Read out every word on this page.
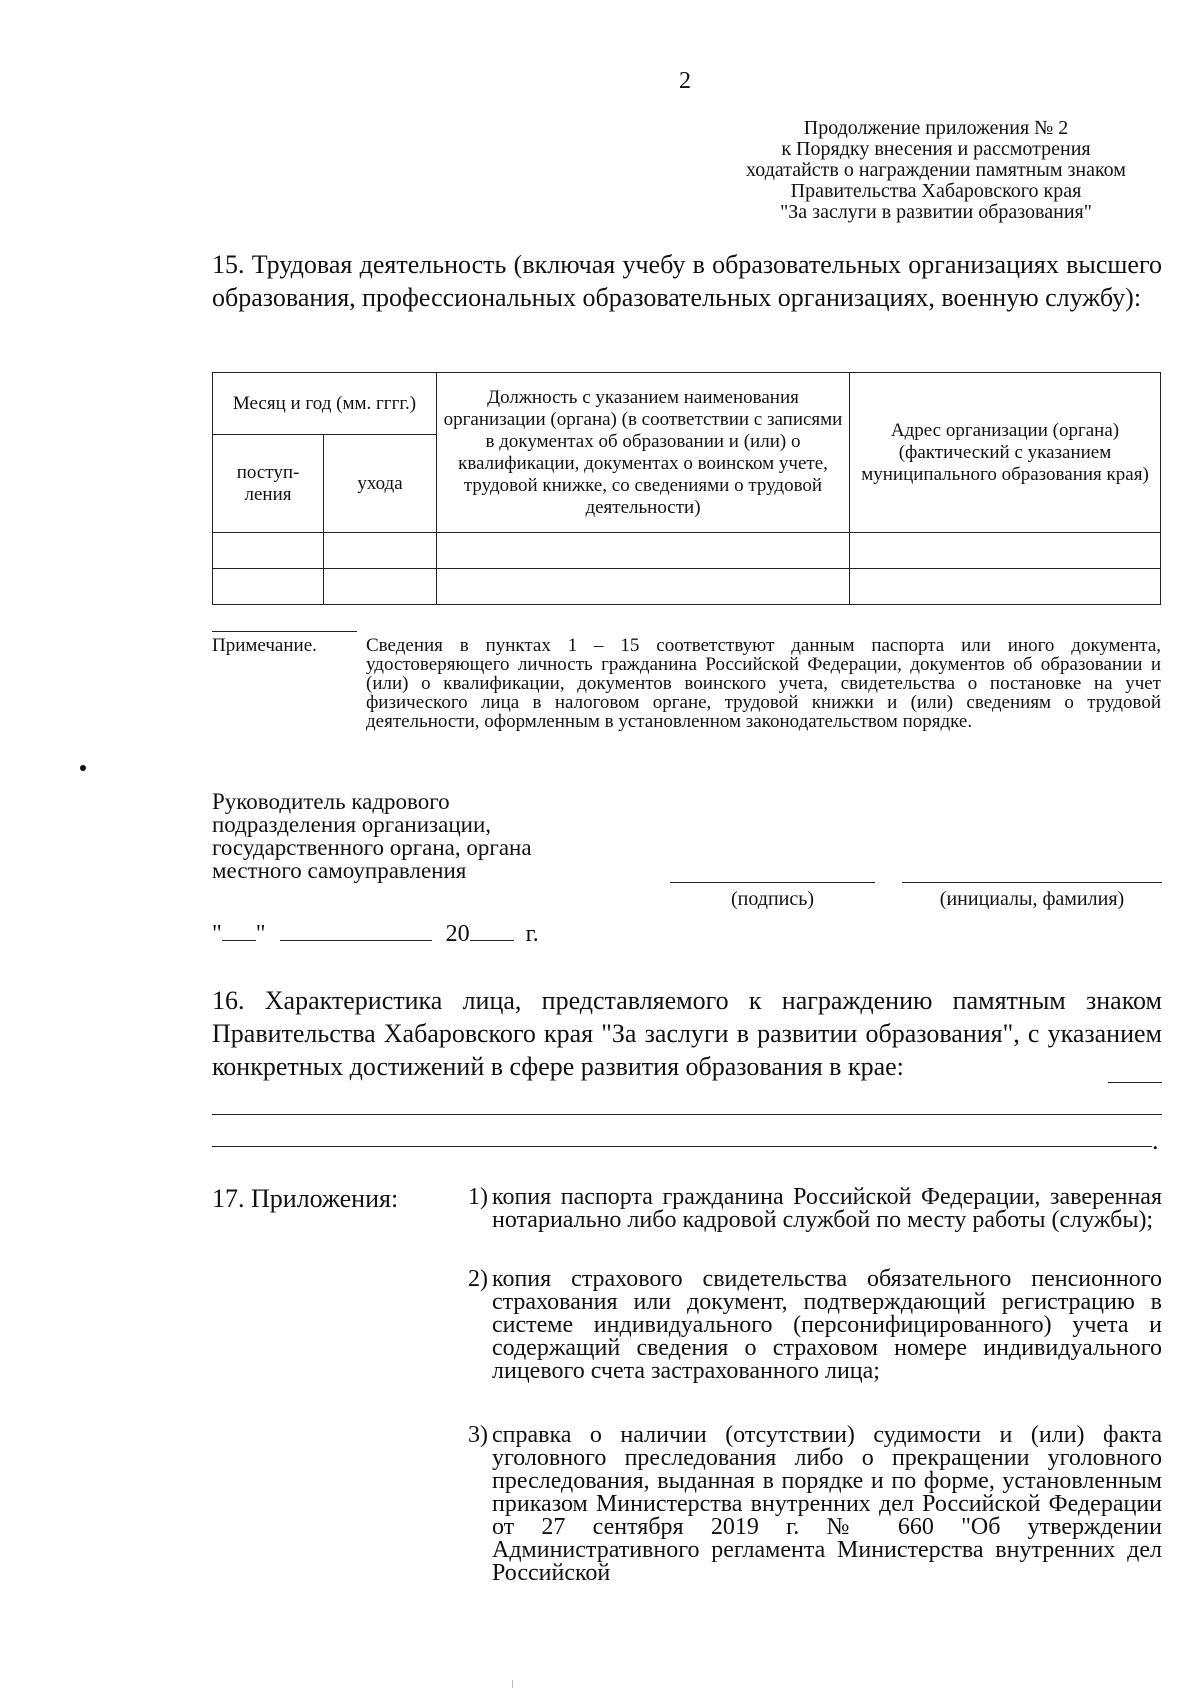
2
Продолжение приложения № 2
к Порядку внесения и рассмотрения
ходатайств о награждении памятным знаком
Правительства Хабаровского края
"За заслуги в развитии образования"
15. Трудовая деятельность (включая учебу в образовательных организациях высшего образования, профессиональных образовательных организациях, военную службу):
Месяц и год (мм. гггг.)		Должность с указанием наименования организации (органа) (в соответствии с записями в документах об образовании и (или) о квалификации, документах о воинском учете, трудовой книжке, со сведениями о трудовой деятельности)	Адрес организации (органа) (фактический с указанием муниципального образования края)
поступ-ления	ухода		

Примечание.	Сведения в пунктах 1 – 15 соответствуют данным паспорта или иного документа, удостоверяющего личность гражданина Российской Федерации, документов об образовании и (или) о квалификации, документов воинского учета, свидетельства о постановке на учет физического лица в налоговом органе, трудовой книжки и (или) сведениям о трудовой деятельности, оформленным в установленном законодательством порядке.
Руководитель кадрового
подразделения организации,
государственного органа, органа
местного самоуправления
(подпись)	(инициалы, фамилия)
" "	20 г.
16. Характеристика лица, представляемого к награждению памятным знаком Правительства Хабаровского края "За заслуги в развитии образования", с указанием конкретных достижений в сфере развития образования в крае:
.
17. Приложения:	1) копия паспорта гражданина Российской Федерации, заверенная нотариально либо кадровой службой по месту работы (службы);
2) копия страхового свидетельства обязательного пенсионного страхования или документ, подтверждающий регистрацию в системе индивидуального (персонифицированного) учета и содержащий сведения о страховом номере индивидуального лицевого счета застрахованного лица;
3) справка о наличии (отсутствии) судимости и (или) факта уголовного преследования либо о прекращении уголовного преследования, выданная в порядке и по форме, установленным приказом Министерства внутренних дел Российской Федерации от 27 сентября 2019 г. № 660 "Об утверждении Административного регламента Министерства внутренних дел Российской
